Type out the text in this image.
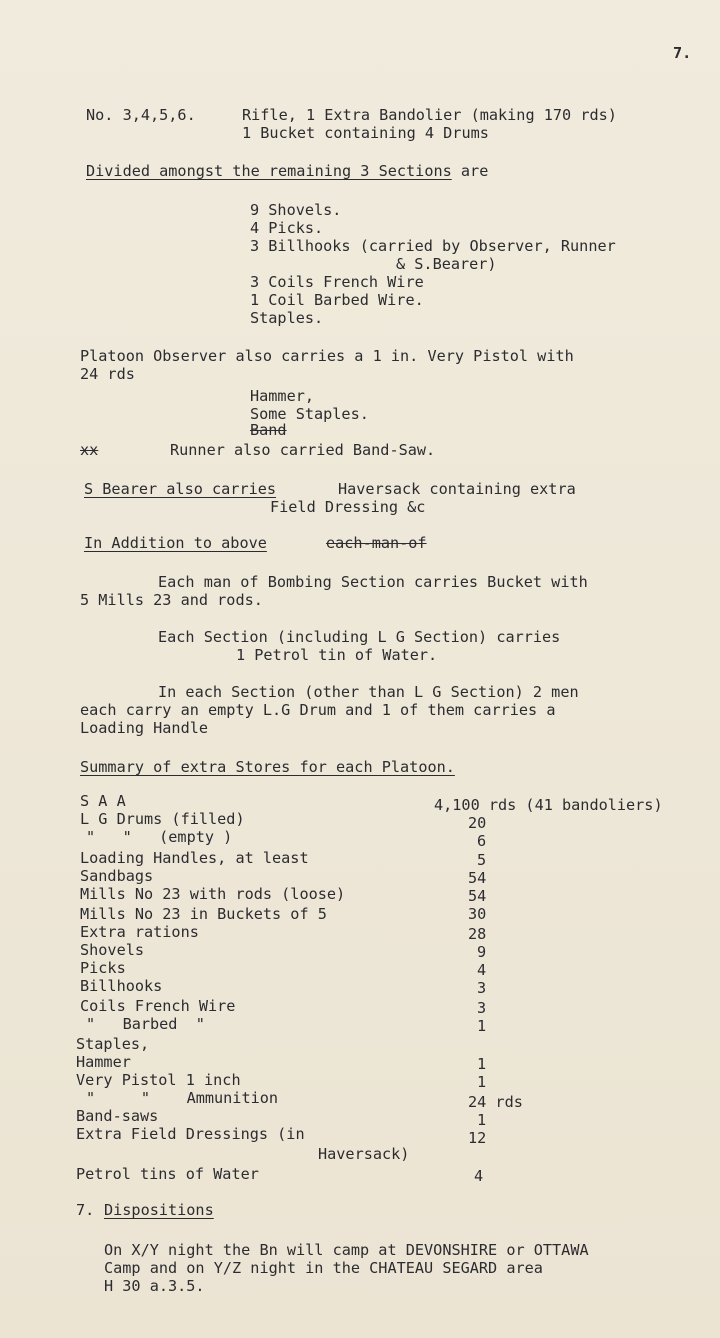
7.
No. 3,4,5,6.	Rifle, 1 Extra Bandolier (making 170 rds)
1 Bucket containing 4 Drums
Divided amongst the remaining 3 Sections are
9 Shovels.
4 Picks.
3 Billhooks (carried by Observer, Runner
& S.Bearer)
3 Coils French Wire
1 Coil Barbed Wire.
Staples.
Platoon Observer also carries a 1 in. Very Pistol with
24 rds
Hammer,
Some Staples.
Band
xx	Runner also carried Band-Saw.
S Bearer also carries	Haversack containing extra
Field Dressing &c
In Addition to above	each-man-of
Each man of Bombing Section carries Bucket with
5 Mills 23 and rods.
Each Section (including L G Section) carries
1 Petrol tin of Water.
In each Section (other than L G Section) 2 men
each carry an empty L.G Drum and 1 of them carries a
Loading Handle
Summary of extra Stores for each Platoon.
S A A	4,100 rds (41 bandoliers)
L G Drums (filled)	20
"   "   (empty )	6
Loading Handles, at least	5
Sandbags	54
Mills No 23 with rods (loose)	54
Mills No 23 in Buckets of 5	30
Extra rations	28
Shovels	9
Picks	4
Billhooks	3
Coils French Wire	3
"   Barbed  "	1
Staples,
Hammer	1
Very Pistol 1 inch	1
"     "    Ammunition	24 rds
Band-saws	1
Extra Field Dressings (in	12
Haversack)
Petrol tins of Water	4
7. Dispositions
On X/Y night the Bn will camp at DEVONSHIRE or OTTAWA
Camp and on Y/Z night in the CHATEAU SEGARD area
H 30 a.3.5.
